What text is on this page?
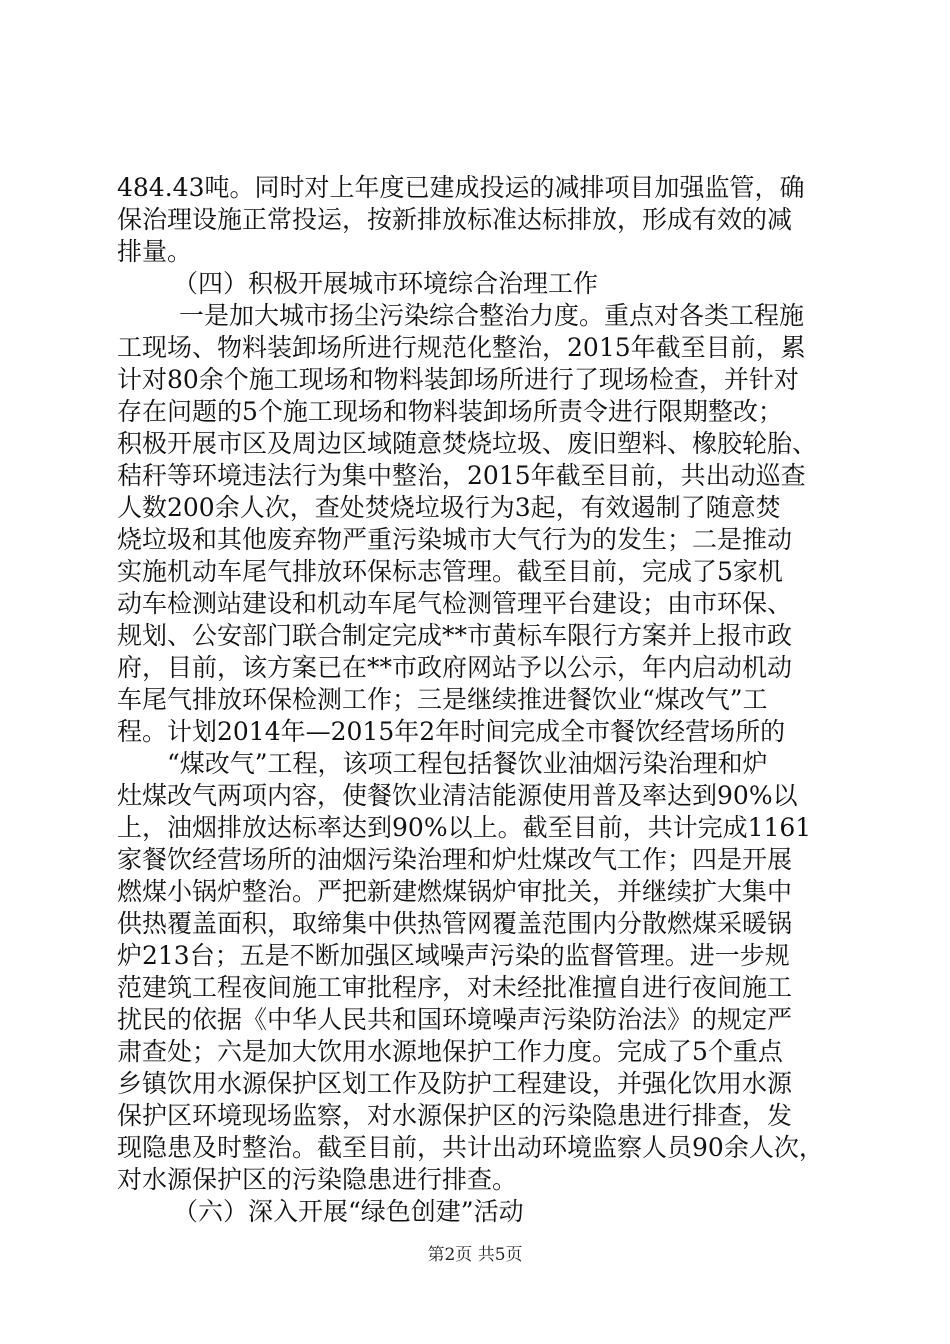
484.43吨。同时对上年度已建成投运的减排项目加强监管，确
保治理设施正常投运，按新排放标准达标排放，形成有效的减
排量。
（四）积极开展城市环境综合治理工作
一是加大城市扬尘污染综合整治力度。重点对各类工程施
工现场、物料装卸场所进行规范化整治，2015年截至目前，累
计对80余个施工现场和物料装卸场所进行了现场检查，并针对
存在问题的5个施工现场和物料装卸场所责令进行限期整改；
积极开展市区及周边区域随意焚烧垃圾、废旧塑料、橡胶轮胎、
秸秆等环境违法行为集中整治，2015年截至目前，共出动巡查
人数200余人次，查处焚烧垃圾行为3起，有效遏制了随意焚
烧垃圾和其他废弃物严重污染城市大气行为的发生；二是推动
实施机动车尾气排放环保标志管理。截至目前，完成了5家机
动车检测站建设和机动车尾气检测管理平台建设；由市环保、
规划、公安部门联合制定完成**市黄标车限行方案并上报市政
府，目前，该方案已在**市政府网站予以公示，年内启动机动
车尾气排放环保检测工作；三是继续推进餐饮业“煤改气”工
程。计划2014年—2015年2年时间完成全市餐饮经营场所的
“煤改气”工程，该项工程包括餐饮业油烟污染治理和炉
灶煤改气两项内容，使餐饮业清洁能源使用普及率达到90%以
上，油烟排放达标率达到90%以上。截至目前，共计完成1161
家餐饮经营场所的油烟污染治理和炉灶煤改气工作；四是开展
燃煤小锅炉整治。严把新建燃煤锅炉审批关，并继续扩大集中
供热覆盖面积，取缔集中供热管网覆盖范围内分散燃煤采暖锅
炉213台；五是不断加强区域噪声污染的监督管理。进一步规
范建筑工程夜间施工审批程序，对未经批准擅自进行夜间施工
扰民的依据《中华人民共和国环境噪声污染防治法》的规定严
肃查处；六是加大饮用水源地保护工作力度。完成了5个重点
乡镇饮用水源保护区划工作及防护工程建设，并强化饮用水源
保护区环境现场监察，对水源保护区的污染隐患进行排查，发
现隐患及时整治。截至目前，共计出动环境监察人员90余人次，
对水源保护区的污染隐患进行排查。
（六）深入开展“绿色创建”活动
第2页 共5页
